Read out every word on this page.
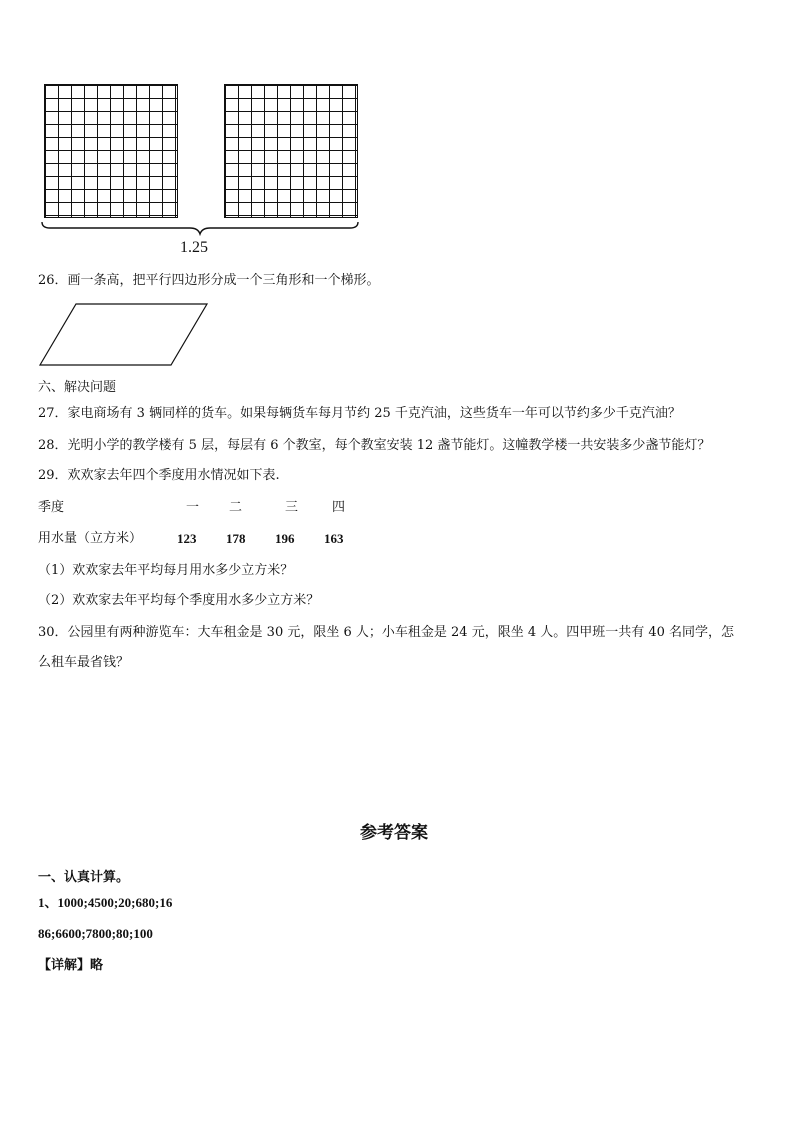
1.25
26．画一条高，把平行四边形分成一个三角形和一个梯形。
六、解决问题
27．家电商场有 3 辆同样的货车。如果每辆货车每月节约 25 千克汽油，这些货车一年可以节约多少千克汽油？
28．光明小学的教学楼有 5 层，每层有 6 个教室，每个教室安装 12 盏节能灯。这幢教学楼一共安装多少盏节能灯？
29．欢欢家去年四个季度用水情况如下表.
季度	一 二	三	四
用水量（立方米）	123 178 196 163
（1）欢欢家去年平均每月用水多少立方米？
（2）欢欢家去年平均每个季度用水多少立方米？
30．公园里有两种游览车：大车租金是 30 元，限坐 6 人；小车租金是 24 元，限坐 4 人。四甲班一共有 40 名同学，怎
么租车最省钱？
参考答案
一、认真计算。
1、1000;4500;20;680;16
86;6600;7800;80;100
【详解】略
